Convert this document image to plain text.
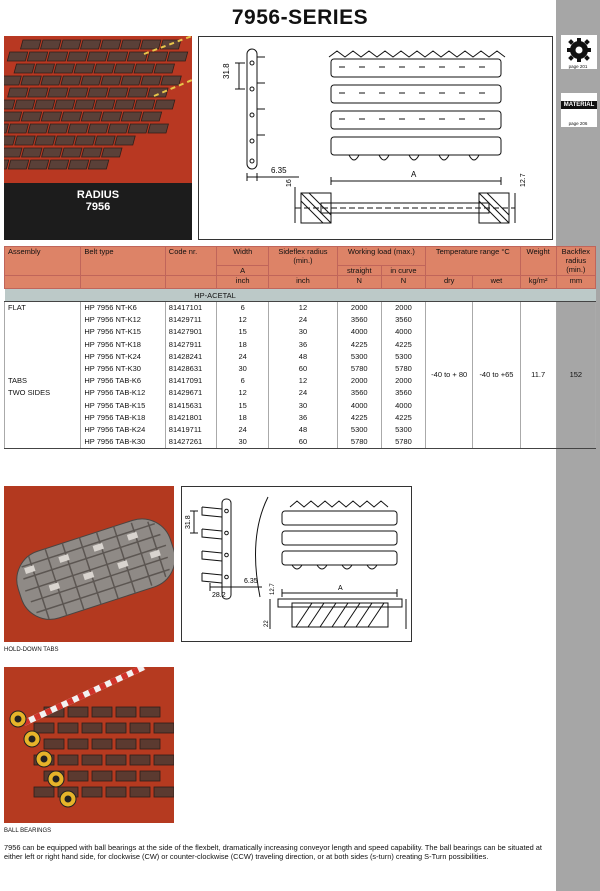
page 201
MATERIAL
page 206
7956-SERIES
RADIUS
7956
31.8
6.35	A
16	12.7
Assembly	Belt type	Code nr.	Width	Sideflex radius (min.)	Working load (max.)		Temperature range °C		Weight	Backflex radius (min.)
			A		straight	in curve				
			inch	inch	N	N	dry	wet	kg/m²	mm
HP-ACETAL										
FLAT	HP 7956 NT-K6	81417101	6	12	2000	2000	-40 to + 80	-40 to +65	11.7	152
	HP 7956 NT-K12	81429711	12	24	3560	3560				
	HP 7956 NT-K15	81427901	15	30	4000	4000				
	HP 7956 NT-K18	81427911	18	36	4225	4225				
	HP 7956 NT-K24	81428241	24	48	5300	5300				
	HP 7956 NT-K30	81428631	30	60	5780	5780				

TABS
TWO SIDES	HP 7956 TAB-K6	81417091	6	12	2000	2000				
	HP 7956 TAB-K12	81429671	12	24	3560	3560				
	HP 7956 TAB-K15	81415631	15	30	4000	4000				
	HP 7956 TAB-K18	81421801	18	36	4225	4225				
	HP 7956 TAB-K24	81419711	24	48	5300	5300				
	HP 7956 TAB-K30	81427261	30	60	5780	5780				
HOLD-DOWN TABS
31.8
6.35
28.2
12.7
22
A
BALL BEARINGS
7956 can be equipped with ball bearings at the side of the flexbelt, dramatically increasing conveyor length and speed capability. The ball bearings can be situated at either left or right hand side, for clockwise (CW) or counter-clockwise (CCW) traveling direction, or at both sides (s-turn) creating S-Turn possibilities.
